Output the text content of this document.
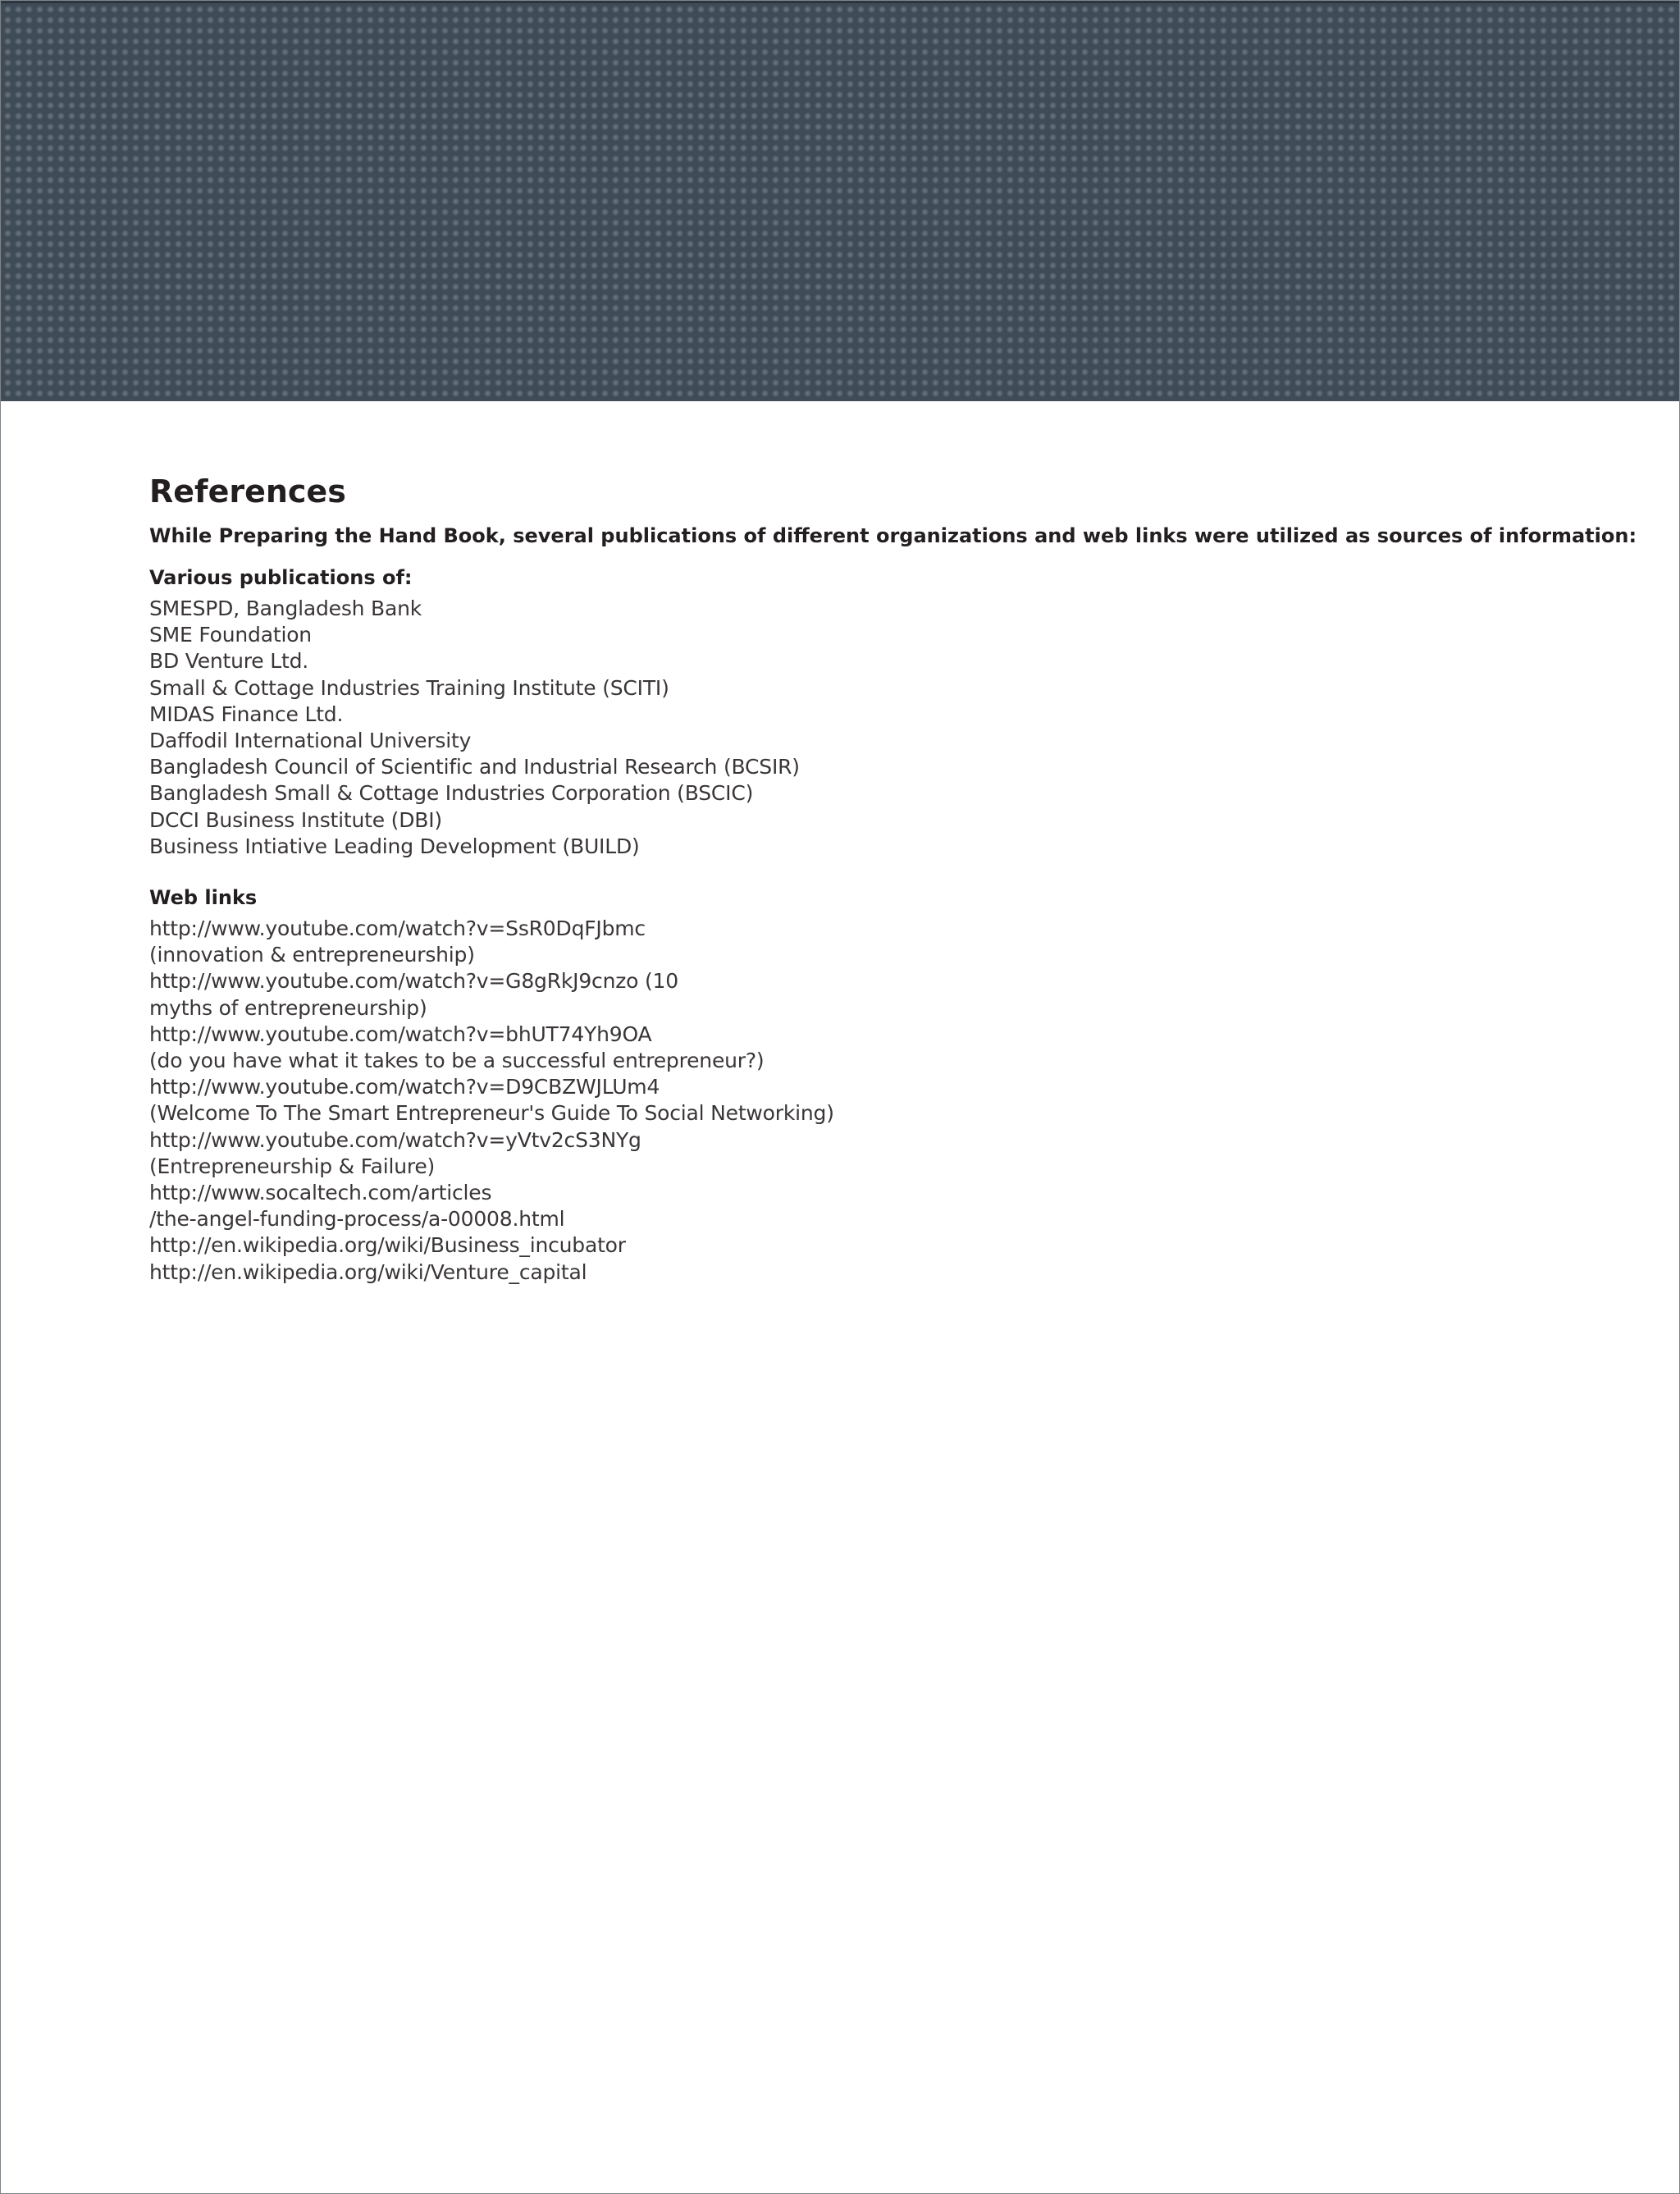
References

While Preparing the Hand Book, several publications of different organizations and web links were utilized as sources of information:

Various publications of:
SMESPD, Bangladesh Bank
SME Foundation
BD Venture Ltd.
Small & Cottage Industries Training Institute (SCITI)
MIDAS Finance Ltd.
Daffodil International University
Bangladesh Council of Scientific and Industrial Research (BCSIR)
Bangladesh Small & Cottage Industries Corporation (BSCIC)
DCCI Business Institute (DBI)
Business Intiative Leading Development (BUILD)
Web links
http://www.youtube.com/watch?v=SsR0DqFJbmc
(innovation & entrepreneurship)
http://www.youtube.com/watch?v=G8gRkJ9cnzo (10
myths of entrepreneurship)
http://www.youtube.com/watch?v=bhUT74Yh9OA
(do you have what it takes to be a successful entrepreneur?)
http://www.youtube.com/watch?v=D9CBZWJLUm4
(Welcome To The Smart Entrepreneur's Guide To Social Networking)
http://www.youtube.com/watch?v=yVtv2cS3NYg
(Entrepreneurship & Failure)
http://www.socaltech.com/articles
/the-angel-funding-process/a-00008.html
http://en.wikipedia.org/wiki/Business_incubator
http://en.wikipedia.org/wiki/Venture_capital
